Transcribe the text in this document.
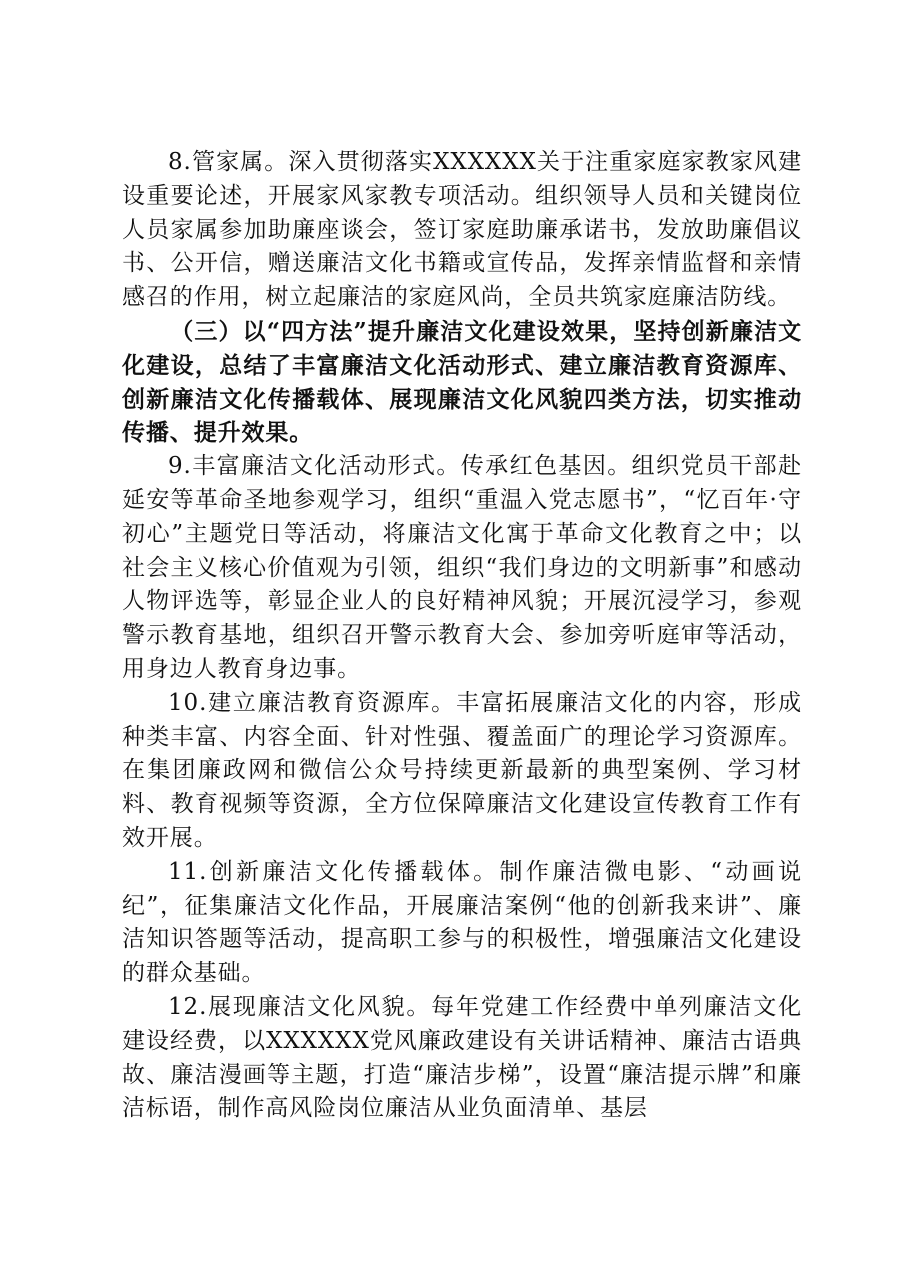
8.管家属。深入贯彻落实XXXXXX关于注重家庭家教家风建设重要论述，开展家风家教专项活动。组织领导人员和关键岗位人员家属参加助廉座谈会，签订家庭助廉承诺书，发放助廉倡议书、公开信，赠送廉洁文化书籍或宣传品，发挥亲情监督和亲情感召的作用，树立起廉洁的家庭风尚，全员共筑家庭廉洁防线。

（三）以“四方法”提升廉洁文化建设效果，坚持创新廉洁文化建设，总结了丰富廉洁文化活动形式、建立廉洁教育资源库、创新廉洁文化传播载体、展现廉洁文化风貌四类方法，切实推动传播、提升效果。

9.丰富廉洁文化活动形式。传承红色基因。组织党员干部赴延安等革命圣地参观学习，组织“重温入党志愿书”，“忆百年·守初心”主题党日等活动，将廉洁文化寓于革命文化教育之中；以社会主义核心价值观为引领，组织“我们身边的文明新事”和感动人物评选等，彰显企业人的良好精神风貌；开展沉浸学习，参观警示教育基地，组织召开警示教育大会、参加旁听庭审等活动，用身边人教育身边事。

10.建立廉洁教育资源库。丰富拓展廉洁文化的内容，形成种类丰富、内容全面、针对性强、覆盖面广的理论学习资源库。在集团廉政网和微信公众号持续更新最新的典型案例、学习材料、教育视频等资源，全方位保障廉洁文化建设宣传教育工作有效开展。

11.创新廉洁文化传播载体。制作廉洁微电影、“动画说纪”，征集廉洁文化作品，开展廉洁案例“他的创新我来讲”、廉洁知识答题等活动，提高职工参与的积极性，增强廉洁文化建设的群众基础。

12.展现廉洁文化风貌。每年党建工作经费中单列廉洁文化建设经费，以XXXXXX党风廉政建设有关讲话精神、廉洁古语典故、廉洁漫画等主题，打造“廉洁步梯”，设置“廉洁提示牌”和廉洁标语，制作高风险岗位廉洁从业负面清单、基层
